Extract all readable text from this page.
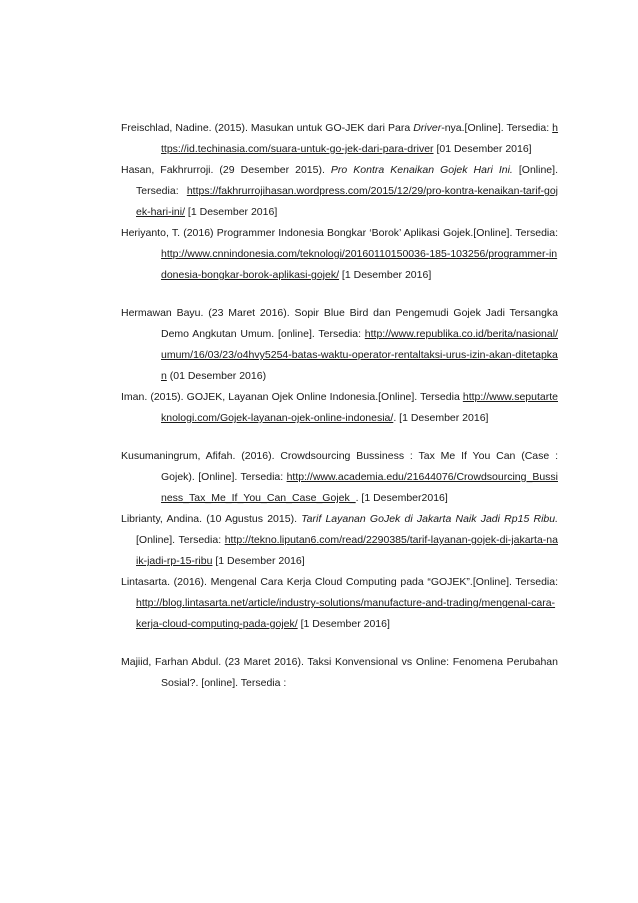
Freischlad, Nadine. (2015). Masukan untuk GO-JEK dari Para Driver-nya.[Online]. Tersedia: https://id.techinasia.com/suara-untuk-go-jek-dari-para-driver [01 Desember 2016]

Hasan, Fakhrurroji. (29 Desember 2015). Pro Kontra Kenaikan Gojek Hari Ini. [Online]. Tersedia: https://fakhrurrojihasan.wordpress.com/2015/12/29/pro-kontra-kenaikan-tarif-gojek-hari-ini/ [1 Desember 2016]

Heriyanto, T. (2016) Programmer Indonesia Bongkar ‘Borok’ Aplikasi Gojek.[Online]. Tersedia: http://www.cnnindonesia.com/teknologi/20160110150036-185-103256/programmer-indonesia-bongkar-borok-aplikasi-gojek/ [1 Desember 2016]

Hermawan Bayu. (23 Maret 2016). Sopir Blue Bird dan Pengemudi Gojek Jadi Tersangka Demo Angkutan Umum. [online]. Tersedia: http://www.republika.co.id/berita/nasional/umum/16/03/23/o4hvy5254-batas-waktu-operator-rentaltaksi-urus-izin-akan-ditetapkan (01 Desember 2016)

Iman. (2015). GOJEK, Layanan Ojek Online Indonesia.[Online]. Tersedia http://www.seputarteknologi.com/Gojek-layanan-ojek-online-indonesia/. [1 Desember 2016]

Kusumaningrum, Afifah. (2016). Crowdsourcing Bussiness : Tax Me If You Can (Case : Gojek). [Online]. Tersedia: http://www.academia.edu/21644076/Crowdsourcing_Bussiness_Tax_Me_If_You_Can_Case_Gojek_. [1 Desember2016]

Librianty, Andina. (10 Agustus 2015). Tarif Layanan GoJek di Jakarta Naik Jadi Rp15 Ribu. [Online]. Tersedia: http://tekno.liputan6.com/read/2290385/tarif-layanan-gojek-di-jakarta-naik-jadi-rp-15-ribu [1 Desember 2016]

Lintasarta. (2016). Mengenal Cara Kerja Cloud Computing pada “GOJEK”.[Online]. Tersedia: http://blog.lintasarta.net/article/industry-solutions/manufacture-and-trading/mengenal-cara-kerja-cloud-computing-pada-gojek/ [1 Desember 2016]

Majiid, Farhan Abdul. (23 Maret 2016). Taksi Konvensional vs Online: Fenomena Perubahan Sosial?. [online]. Tersedia :
